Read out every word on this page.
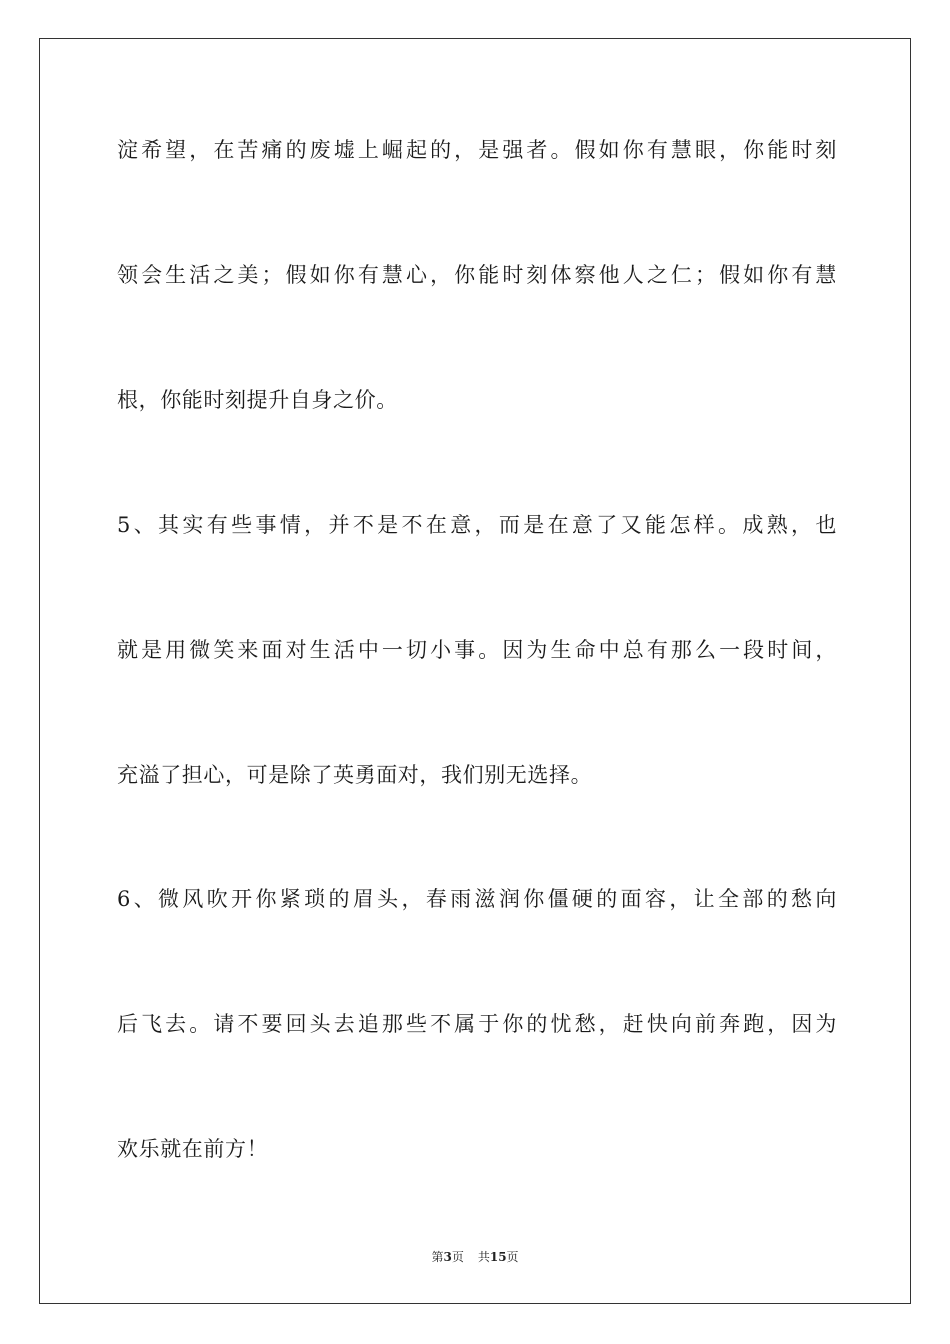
淀希望，在苦痛的废墟上崛起的，是强者。假如你有慧眼，你能时刻
领会生活之美；假如你有慧心，你能时刻体察他人之仁；假如你有慧
根，你能时刻提升自身之价。
5、其实有些事情，并不是不在意，而是在意了又能怎样。成熟，也
就是用微笑来面对生活中一切小事。因为生命中总有那么一段时间，
充溢了担心，可是除了英勇面对，我们别无选择。
6、微风吹开你紧琐的眉头，春雨滋润你僵硬的面容，让全部的愁向
后飞去。请不要回头去追那些不属于你的忧愁，赶快向前奔跑，因为
欢乐就在前方！
第3页 共15页
